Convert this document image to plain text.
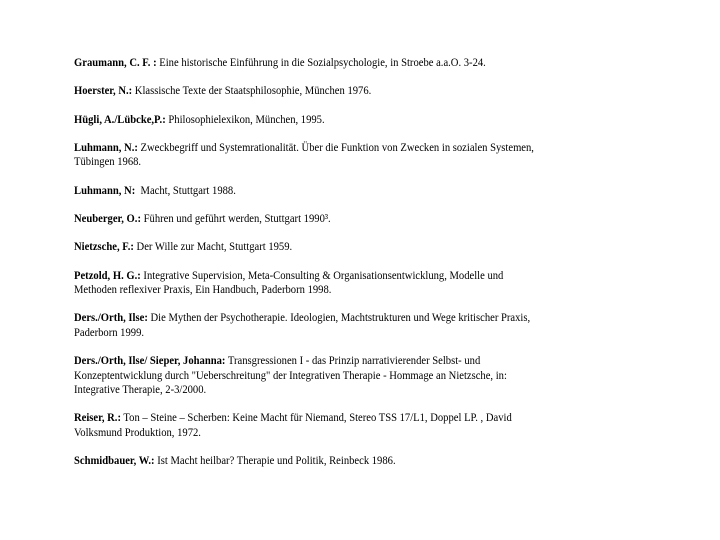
Graumann, C. F. : Eine historische Einführung in die Sozialpsychologie, in Stroebe a.a.O. 3-24.
Hoerster, N.: Klassische Texte der Staatsphilosophie, München 1976.
Hügli, A./Lübcke,P.: Philosophielexikon, München, 1995.
Luhmann, N.: Zweckbegriff und Systemrationalität. Über die Funktion von Zwecken in sozialen Systemen,
Tübingen 1968.
Luhmann, N:  Macht, Stuttgart 1988.
Neuberger, O.: Führen und geführt werden, Stuttgart 1990³.
Nietzsche, F.: Der Wille zur Macht, Stuttgart 1959.
Petzold, H. G.: Integrative Supervision, Meta-Consulting & Organisationsentwicklung, Modelle und
Methoden reflexiver Praxis, Ein Handbuch, Paderborn 1998.
Ders./Orth, Ilse: Die Mythen der Psychotherapie. Ideologien, Machtstrukturen und Wege kritischer Praxis,
Paderborn 1999.
Ders./Orth, Ilse/ Sieper, Johanna: Transgressionen I - das Prinzip narrativierender Selbst- und
Konzeptentwicklung durch "Ueberschreitung" der Integrativen Therapie - Hommage an Nietzsche, in:
Integrative Therapie, 2-3/2000.
Reiser, R.: Ton – Steine – Scherben: Keine Macht für Niemand, Stereo TSS 17/L1, Doppel LP. , David
Volksmund Produktion, 1972.
Schmidbauer, W.: Ist Macht heilbar? Therapie und Politik, Reinbeck 1986.
